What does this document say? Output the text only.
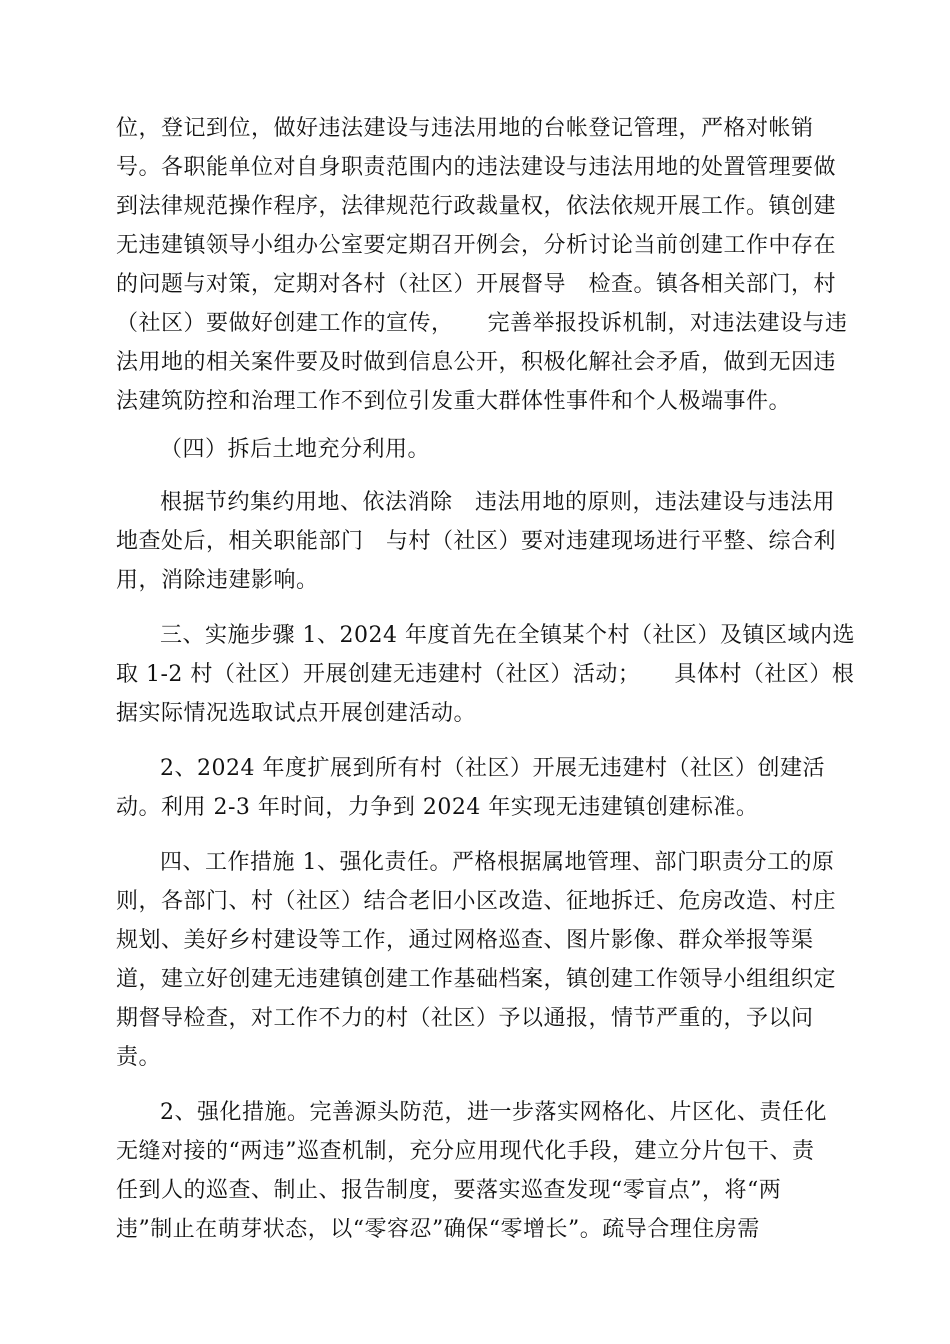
位，登记到位，做好违法建设与违法用地的台帐登记管理，严格对帐销
号。各职能单位对自身职责范围内的违法建设与违法用地的处置管理要做
到法律规范操作程序，法律规范行政裁量权，依法依规开展工作。镇创建
无违建镇领导小组办公室要定期召开例会，分析讨论当前创建工作中存在
的问题与对策，定期对各村（社区）开展督导　检查。镇各相关部门，村
（社区）要做好创建工作的宣传，　　完善举报投诉机制，对违法建设与违
法用地的相关案件要及时做到信息公开，积极化解社会矛盾，做到无因违
法建筑防控和治理工作不到位引发重大群体性事件和个人极端事件。
（四）拆后土地充分利用。
根据节约集约用地、依法消除　违法用地的原则，违法建设与违法用
地查处后，相关职能部门　与村（社区）要对违建现场进行平整、综合利
用，消除违建影响。
三、实施步骤 1、2024 年度首先在全镇某个村（社区）及镇区域内选
取 1-2 村（社区）开展创建无违建村（社区）活动；　　具体村（社区）根
据实际情况选取试点开展创建活动。
2、2024 年度扩展到所有村（社区）开展无违建村（社区）创建活
动。利用 2-3 年时间，力争到 2024 年实现无违建镇创建标准。
四、工作措施 1、强化责任。严格根据属地管理、部门职责分工的原
则，各部门、村（社区）结合老旧小区改造、征地拆迁、危房改造、村庄
规划、美好乡村建设等工作，通过网格巡查、图片影像、群众举报等渠
道，建立好创建无违建镇创建工作基础档案，镇创建工作领导小组组织定
期督导检查，对工作不力的村（社区）予以通报，情节严重的，予以问
责。
2、强化措施。完善源头防范，进一步落实网格化、片区化、责任化
无缝对接的“两违”巡查机制，充分应用现代化手段，建立分片包干、责
任到人的巡查、制止、报告制度，要落实巡查发现“零盲点”，将“两
违”制止在萌芽状态，以“零容忍”确保“零增长”。疏导合理住房需
